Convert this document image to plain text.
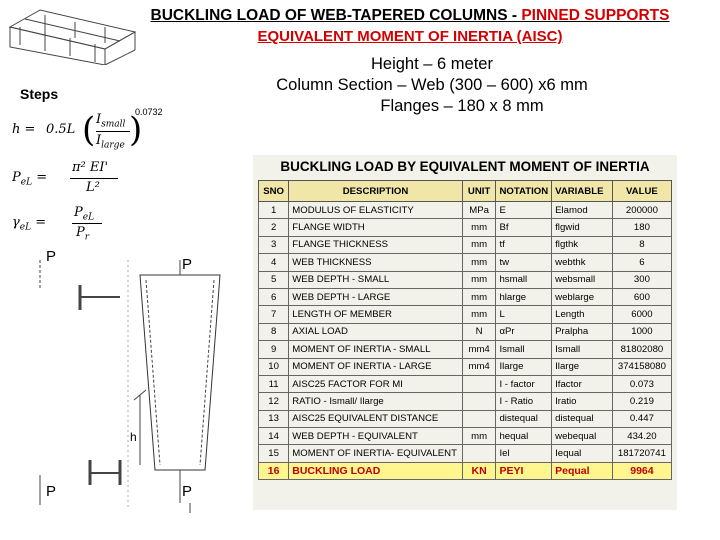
BUCKLING LOAD OF WEB-TAPERED COLUMNS - PINNED SUPPORTS
EQUIVALENT MOMENT OF INERTIA (AISC)
Height – 6 meter
Column Section – Web (300 – 600) x6 mm
Flanges – 180 x 8 mm
Steps
h = 0.5L ( $I_{small}$
$I_{large}$ )
0.0732
$P_{eL}$ =
π² EI'
L²
$\gamma_{eL}$ =
$P_{eL}$
$P_r$
P	P
P	P
h
BUCKLING LOAD BY EQUIVALENT MOMENT OF INERTIA
SNO	DESCRIPTION	UNIT	NOTATION	VARIABLE	VALUE
1	MODULUS OF ELASTICITY	MPa	E	Elamod	200000
2	FLANGE WIDTH	mm	Bf	flgwid	180
3	FLANGE THICKNESS	mm	tf	flgthk	8
4	WEB THICKNESS	mm	tw	webthk	6
5	WEB DEPTH - SMALL	mm	hsmall	websmall	300
6	WEB DEPTH - LARGE	mm	hlarge	weblarge	600
7	LENGTH OF MEMBER	mm	L	Length	6000
8	AXIAL LOAD	N	αPr	Pralpha	1000
9	MOMENT OF INERTIA - SMALL	mm4	Ismall	Ismall	81802080
10	MOMENT OF INERTIA - LARGE	mm4	Ilarge	Ilarge	374158080
11	AISC25 FACTOR FOR MI		I - factor	Ifactor	0.073
12	RATIO - Ismall/ Ilarge		I - Ratio	Iratio	0.219
13	AISC25 EQUIVALENT DISTANCE		distequal	distequal	0.447
14	WEB DEPTH - EQUIVALENT	mm	hequal	webequal	434.20
15	MOMENT OF INERTIA- EQUIVALENT		Iel	Iequal	181720741
16	BUCKLING LOAD	KN	PEYI	Pequal	9964
